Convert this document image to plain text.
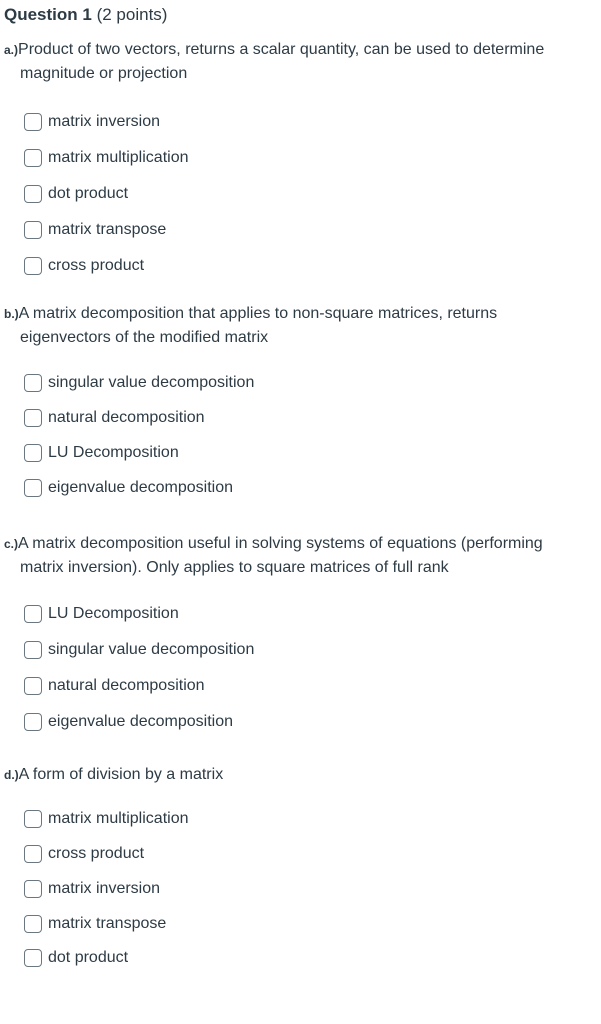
Question 1 (2 points)
a.)Product of two vectors, returns a scalar quantity, can be used to determine
magnitude or projection
matrix inversion
matrix multiplication
dot product
matrix transpose
cross product
b.)A matrix decomposition that applies to non-square matrices, returns
eigenvectors of the modified matrix
singular value decomposition
natural decomposition
LU Decomposition
eigenvalue decomposition
c.)A matrix decomposition useful in solving systems of equations (performing
matrix inversion). Only applies to square matrices of full rank
LU Decomposition
singular value decomposition
natural decomposition
eigenvalue decomposition
d.)A form of division by a matrix
matrix multiplication
cross product
matrix inversion
matrix transpose
dot product
